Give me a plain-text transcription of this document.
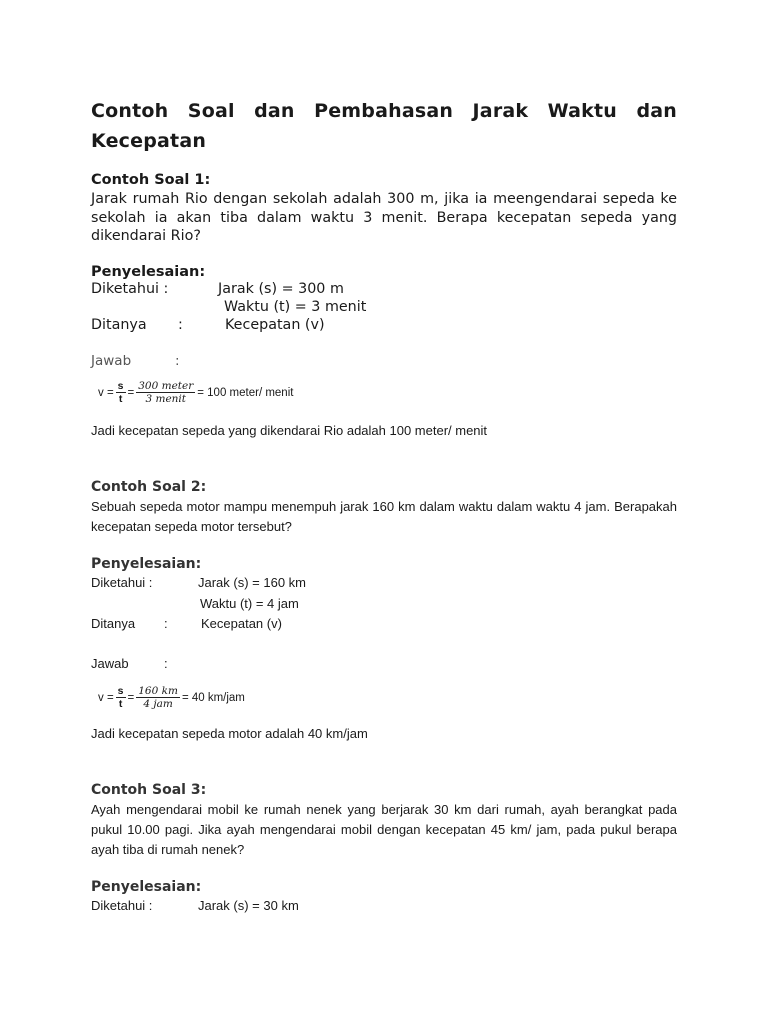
Contoh Soal dan Pembahasan Jarak Waktu dan Kecepatan
Contoh Soal 1:
Jarak rumah Rio dengan sekolah adalah 300 m, jika ia meengendarai sepeda ke sekolah ia akan tiba dalam waktu 3 menit. Berapa kecepatan sepeda yang dikendarai Rio?
Penyelesaian:
Diketahui :	Jarak (s) = 300 m
Waktu (t) = 3 menit
Ditanya :	Kecepatan (v)
Jawab	:
$v = \frac{s}{t} = \frac{\text{300 meter}}{\text{3 menit}} = 100$ meter/ menit
Jadi kecepatan sepeda yang dikendarai Rio adalah 100 meter/ menit
Contoh Soal 2:
Sebuah sepeda motor mampu menempuh jarak 160 km dalam waktu dalam waktu 4 jam. Berapakah kecepatan sepeda motor tersebut?
Penyelesaian:
Diketahui :	Jarak (s) = 160 km
Waktu (t) = 4 jam
Ditanya :	Kecepatan (v)
Jawab	:
$v = \frac{s}{t} = \frac{160 km}{\text{4 jam}} = 40$ km/jam
Jadi kecepatan sepeda motor adalah 40 km/jam
Contoh Soal 3:
Ayah mengendarai mobil ke rumah nenek yang berjarak 30 km dari rumah, ayah berangkat pada pukul 10.00 pagi. Jika ayah mengendarai mobil dengan kecepatan 45 km/ jam, pada pukul berapa ayah tiba di rumah nenek?
Penyelesaian:
Diketahui :	Jarak (s) = 30 km
